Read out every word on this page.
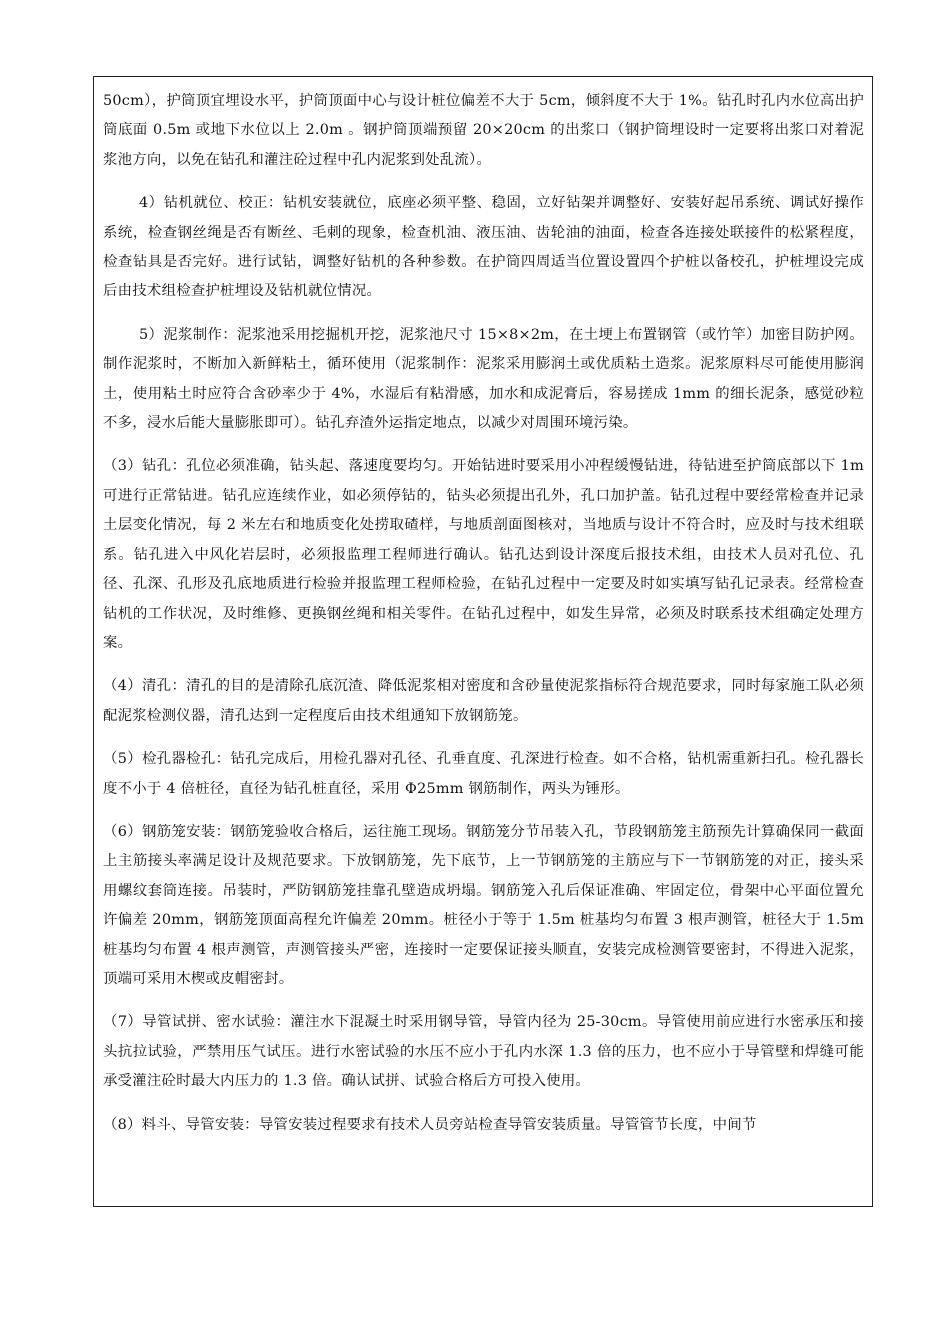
50cm），护筒顶宜埋设水平，护筒顶面中心与设计桩位偏差不大于 5cm，倾斜度不大于 1%。钻孔时孔内水位高出护筒底面 0.5m 或地下水位以上 2.0m 。钢护筒顶端预留 20×20cm 的出浆口（钢护筒埋设时一定要将出浆口对着泥浆池方向，以免在钻孔和灌注砼过程中孔内泥浆到处乱流）。

4）钻机就位、校正：钻机安装就位，底座必须平整、稳固，立好钻架并调整好、安装好起吊系统、调试好操作系统，检查钢丝绳是否有断丝、毛刺的现象，检查机油、液压油、齿轮油的油面，检查各连接处联接件的松紧程度，检查钻具是否完好。进行试钻，调整好钻机的各种参数。在护筒四周适当位置设置四个护桩以备校孔，护桩埋设完成后由技术组检查护桩埋设及钻机就位情况。

5）泥浆制作：泥浆池采用挖掘机开挖，泥浆池尺寸 15×8×2m，在土埂上布置钢管（或竹竿）加密目防护网。制作泥浆时，不断加入新鲜粘土，循环使用（泥浆制作：泥浆采用膨润土或优质粘土造浆。泥浆原料尽可能使用膨润土，使用粘土时应符合含砂率少于 4%，水湿后有粘滑感，加水和成泥膏后，容易搓成 1mm 的细长泥条，感觉砂粒不多，浸水后能大量膨胀即可）。钻孔弃渣外运指定地点，以减少对周围环境污染。

（3）钻孔：孔位必须准确，钻头起、落速度要均匀。开始钻进时要采用小冲程缓慢钻进，待钻进至护筒底部以下 1m 可进行正常钻进。钻孔应连续作业，如必须停钻的，钻头必须提出孔外，孔口加护盖。钻孔过程中要经常检查并记录土层变化情况，每 2 米左右和地质变化处捞取碴样，与地质剖面图核对，当地质与设计不符合时，应及时与技术组联系。钻孔进入中风化岩层时，必须报监理工程师进行确认。钻孔达到设计深度后报技术组，由技术人员对孔位、孔径、孔深、孔形及孔底地质进行检验并报监理工程师检验，在钻孔过程中一定要及时如实填写钻孔记录表。经常检查钻机的工作状况，及时维修、更换钢丝绳和相关零件。在钻孔过程中，如发生异常，必须及时联系技术组确定处理方案。

（4）清孔：清孔的目的是清除孔底沉渣、降低泥浆相对密度和含砂量使泥浆指标符合规范要求，同时每家施工队必须配泥浆检测仪器，清孔达到一定程度后由技术组通知下放钢筋笼。

（5）检孔器检孔：钻孔完成后，用检孔器对孔径、孔垂直度、孔深进行检查。如不合格，钻机需重新扫孔。检孔器长度不小于 4 倍桩径，直径为钻孔桩直径，采用 Φ25mm 钢筋制作，两头为锤形。

（6）钢筋笼安装：钢筋笼验收合格后，运往施工现场。钢筋笼分节吊装入孔，节段钢筋笼主筋预先计算确保同一截面上主筋接头率满足设计及规范要求。下放钢筋笼，先下底节，上一节钢筋笼的主筋应与下一节钢筋笼的对正，接头采用螺纹套筒连接。吊装时，严防钢筋笼挂靠孔壁造成坍塌。钢筋笼入孔后保证准确、牢固定位，骨架中心平面位置允许偏差 20mm，钢筋笼顶面高程允许偏差 20mm。桩径小于等于 1.5m 桩基均匀布置 3 根声测管，桩径大于 1.5m 桩基均匀布置 4 根声测管，声测管接头严密，连接时一定要保证接头顺直，安装完成检测管要密封，不得进入泥浆，顶端可采用木楔或皮帽密封。

（7）导管试拼、密水试验：灌注水下混凝土时采用钢导管，导管内径为 25-30cm。导管使用前应进行水密承压和接头抗拉试验，严禁用压气试压。进行水密试验的水压不应小于孔内水深 1.3 倍的压力，也不应小于导管壁和焊缝可能承受灌注砼时最大内压力的 1.3 倍。确认试拼、试验合格后方可投入使用。

（8）料斗、导管安装：导管安装过程要求有技术人员旁站检查导管安装质量。导管管节长度，中间节
